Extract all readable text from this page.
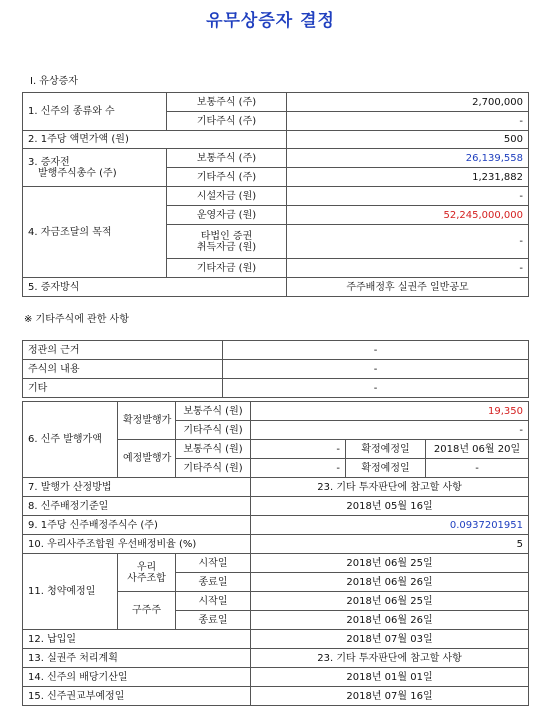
유무상증자 결정
Ⅰ. 유상증자
1. 신주의 종류와 수	보통주식 (주)	2,700,000
	기타주식 (주)	-
2. 1주당 액면가액 (원)		500

3. 증자전
발행주식총수 (주)	보통주식 (주)	26,139,558
	기타주식 (주)	1,231,882
4. 자금조달의 목적	시설자금 (원)	-
	운영자금 (원)	52,245,000,000

	타법인 증권
취득자금 (원)	-
	기타자금 (원)	-
5. 증자방식		주주배정후 실권주 일반공모
※ 기타주식에 관한 사항
정관의 근거	-
주식의 내용	-
기타	-
6. 신주 발행가액	확정발행가	보통주식 (원)	19,350		
		기타주식 (원)	-		
	예정발행가	보통주식 (원)	-	확정예정일	2018년 06월 20일
		기타주식 (원)	-	확정예정일	-
7. 발행가 산정방법			23. 기타 투자판단에 참고할 사항		
8. 신주배정기준일			2018년 05월 16일		
9. 1주당 신주배정주식수 (주)			0.0937201951		
10. 우리사주조합원 우선배정비율 (%)			5		
11. 청약예정일	우리
사주조합	시작일	2018년 06월 25일		
		종료일	2018년 06월 26일		
	구주주	시작일	2018년 06월 25일		
		종료일	2018년 06월 26일		
12. 납입일			2018년 07월 03일		
13. 실권주 처리계획			23. 기타 투자판단에 참고할 사항		
14. 신주의 배당기산일			2018년 01월 01일		
15. 신주권교부예정일			2018년 07월 16일		
